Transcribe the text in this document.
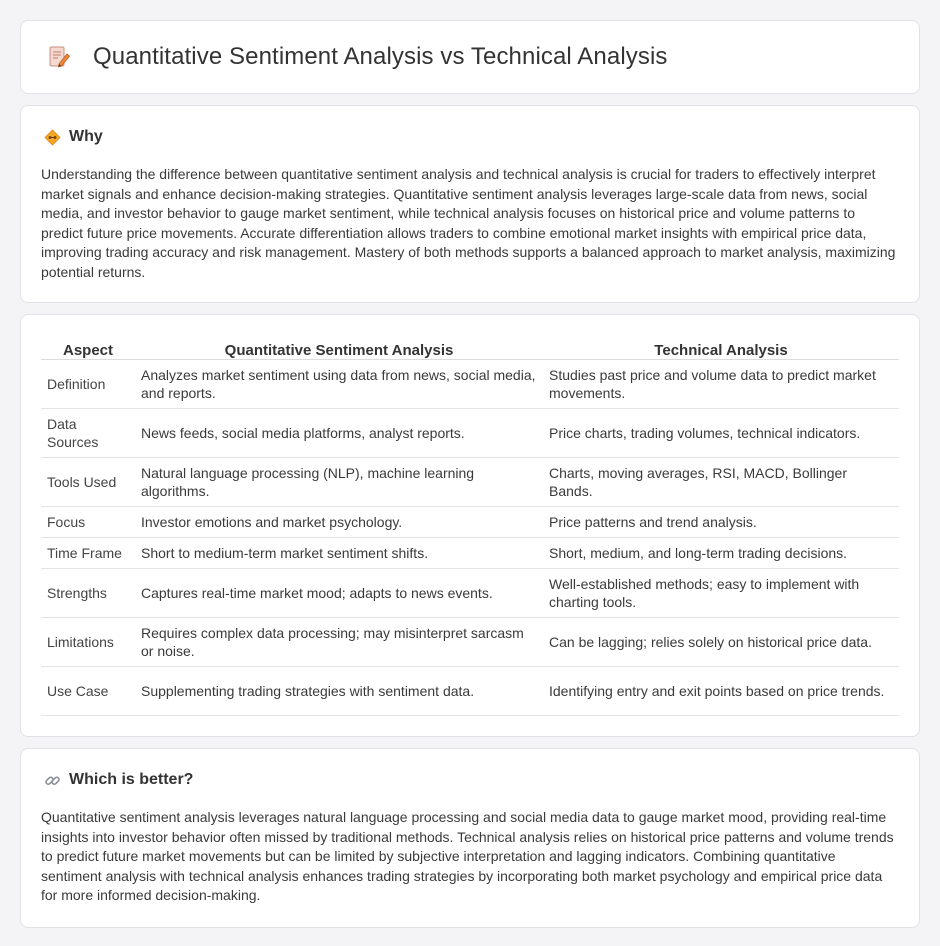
Quantitative Sentiment Analysis vs Technical Analysis
Why

Understanding the difference between quantitative sentiment analysis and technical analysis is crucial for traders to effectively interpret market signals and enhance decision-making strategies. Quantitative sentiment analysis leverages large-scale data from news, social media, and investor behavior to gauge market sentiment, while technical analysis focuses on historical price and volume patterns to predict future price movements. Accurate differentiation allows traders to combine emotional market insights with empirical price data, improving trading accuracy and risk management. Mastery of both methods supports a balanced approach to market analysis, maximizing potential returns.

Aspect	Quantitative Sentiment Analysis	Technical Analysis
Definition	Analyzes market sentiment using data from news, social media, and reports.	Studies past price and volume data to predict market movements.
Data Sources	News feeds, social media platforms, analyst reports.	Price charts, trading volumes, technical indicators.
Tools Used	Natural language processing (NLP), machine learning algorithms.	Charts, moving averages, RSI, MACD, Bollinger Bands.
Focus	Investor emotions and market psychology.	Price patterns and trend analysis.
Time Frame	Short to medium-term market sentiment shifts.	Short, medium, and long-term trading decisions.
Strengths	Captures real-time market mood; adapts to news events.	Well-established methods; easy to implement with charting tools.
Limitations	Requires complex data processing; may misinterpret sarcasm or noise.	Can be lagging; relies solely on historical price data.
Use Case	Supplementing trading strategies with sentiment data.	Identifying entry and exit points based on price trends.
Which is better?

Quantitative sentiment analysis leverages natural language processing and social media data to gauge market mood, providing real-time insights into investor behavior often missed by traditional methods. Technical analysis relies on historical price patterns and volume trends to predict future market movements but can be limited by subjective interpretation and lagging indicators. Combining quantitative sentiment analysis with technical analysis enhances trading strategies by incorporating both market psychology and empirical price data for more informed decision-making.
